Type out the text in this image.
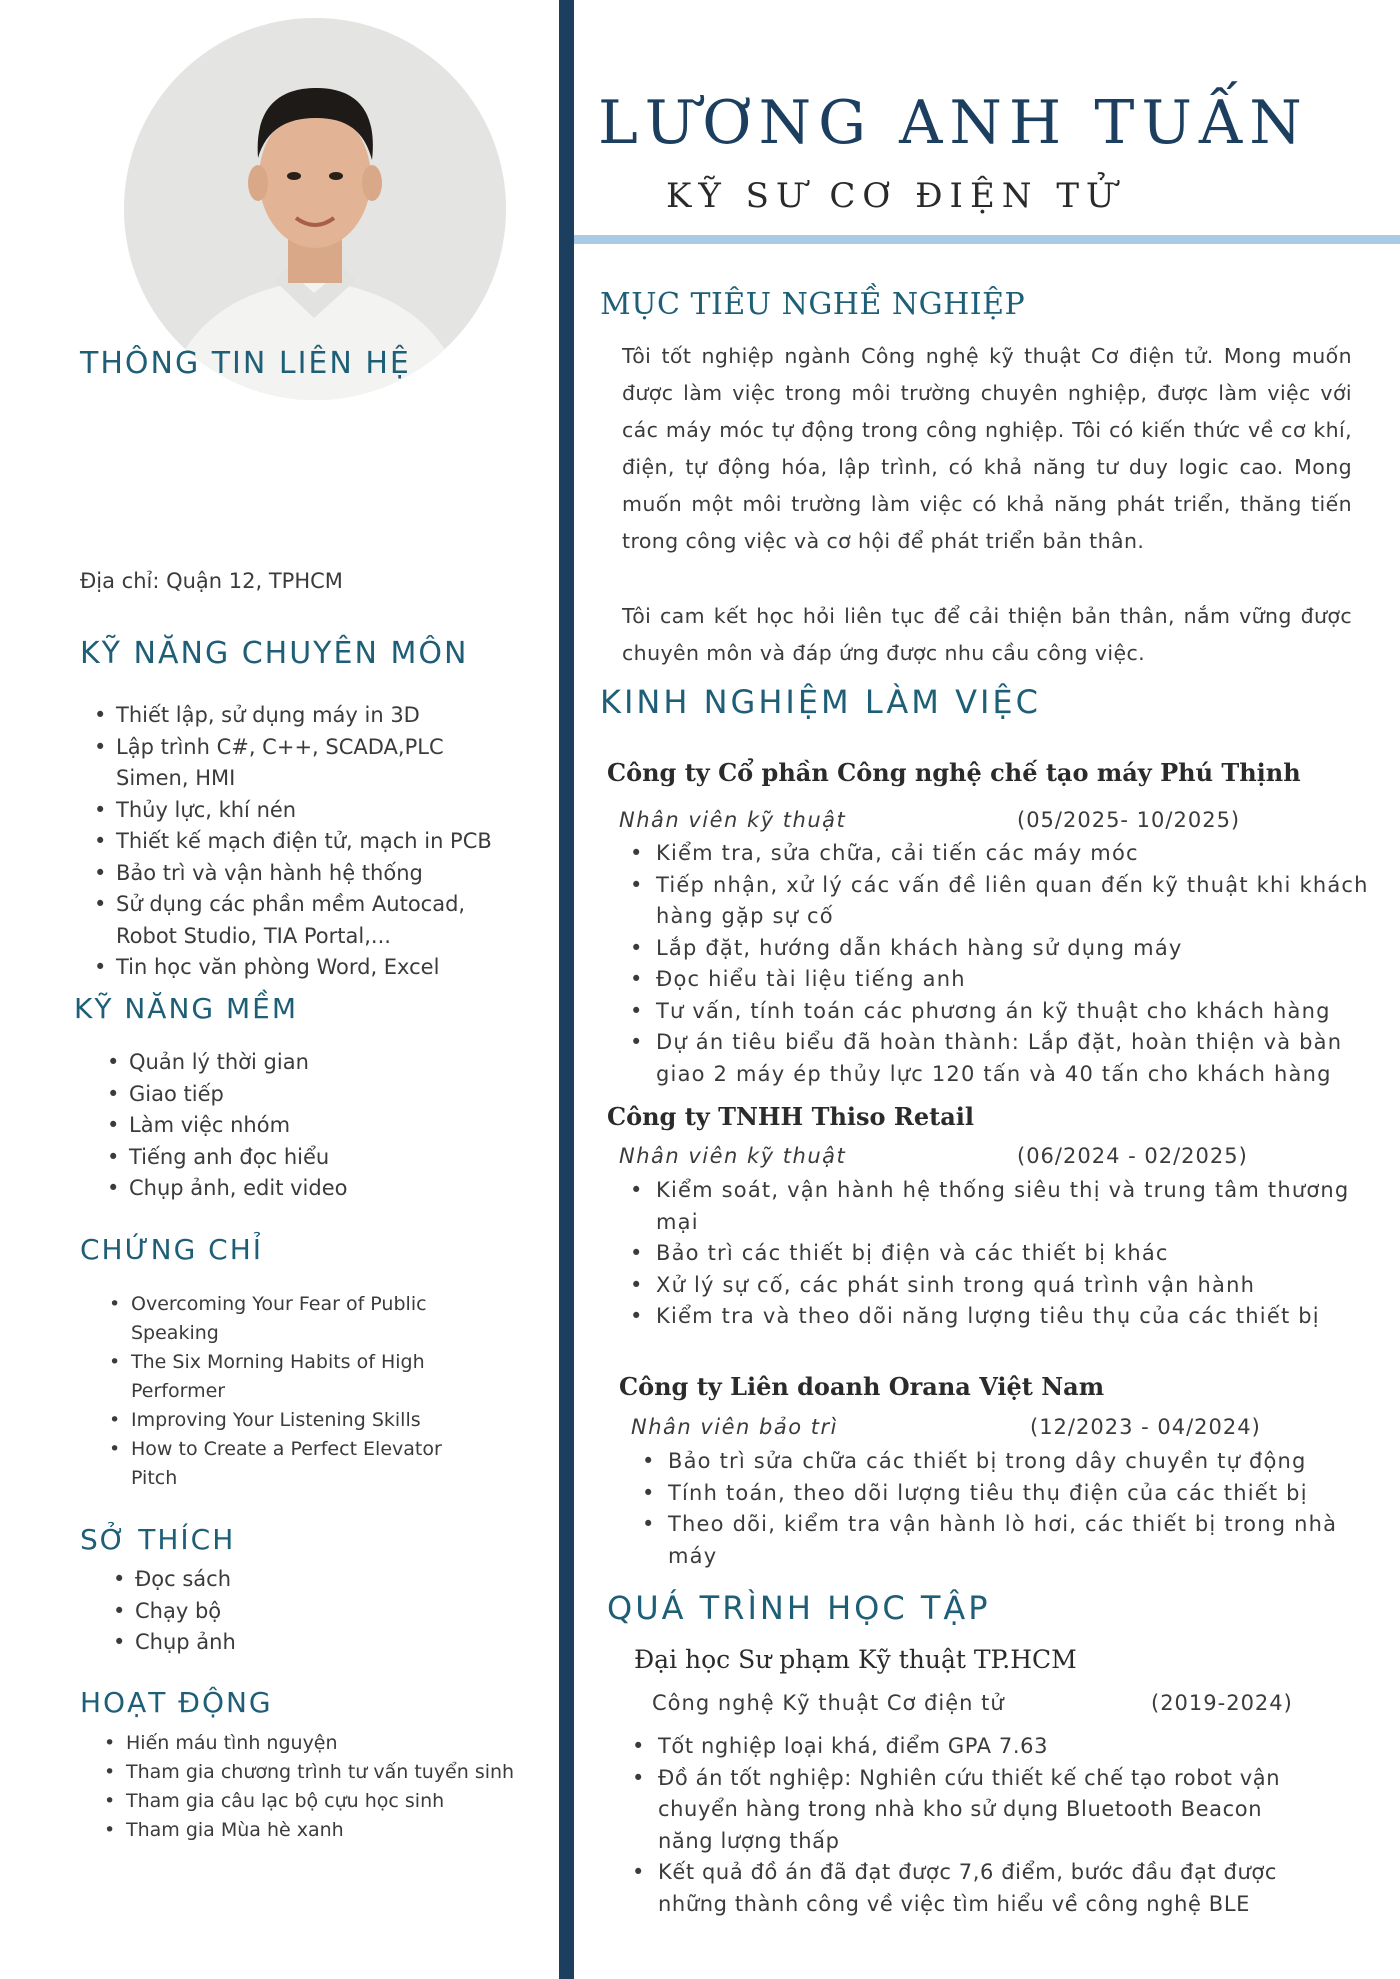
THÔNG TIN LIÊN HỆ
Địa chỉ: Quận 12, TPHCM
KỸ NĂNG CHUYÊN MÔN
• Thiết lập, sử dụng máy in 3D
• Lập trình C#, C++, SCADA,PLC Simen, HMI
• Thủy lực, khí nén
• Thiết kế mạch điện tử, mạch in PCB
• Bảo trì và vận hành hệ thống
• Sử dụng các phần mềm Autocad, Robot Studio, TIA Portal,...
• Tin học văn phòng Word, Excel
KỸ NĂNG MỀM
• Quản lý thời gian
• Giao tiếp
• Làm việc nhóm
• Tiếng anh đọc hiểu
• Chụp ảnh, edit video
CHỨNG CHỈ
• Overcoming Your Fear of Public Speaking
• The Six Morning Habits of High Performer
• Improving Your Listening Skills
• How to Create a Perfect Elevator Pitch
SỞ THÍCH
• Đọc sách
• Chạy bộ
• Chụp ảnh
HOẠT ĐỘNG
• Hiến máu tình nguyện
• Tham gia chương trình tư vấn tuyển sinh
• Tham gia câu lạc bộ cựu học sinh
• Tham gia Mùa hè xanh
LƯƠNG ANH TUẤN
KỸ SƯ CƠ ĐIỆN TỬ
MỤC TIÊU NGHỀ NGHIỆP

Tôi tốt nghiệp ngành Công nghệ kỹ thuật Cơ điện tử. Mong muốn được làm việc trong môi trường chuyên nghiệp, được làm việc với các máy móc tự động trong công nghiệp. Tôi có kiến thức về cơ khí, điện, tự động hóa, lập trình, có khả năng tư duy logic cao. Mong muốn một môi trường làm việc có khả năng phát triển, thăng tiến trong công việc và cơ hội để phát triển bản thân.

Tôi cam kết học hỏi liên tục để cải thiện bản thân, nắm vững được chuyên môn và đáp ứng được nhu cầu công việc.

KINH NGHIỆM LÀM VIỆC
Công ty Cổ phần Công nghệ chế tạo máy Phú Thịnh
Nhân viên kỹ thuật	(05/2025- 10/2025)
• Kiểm tra, sửa chữa, cải tiến các máy móc
• Tiếp nhận, xử lý các vấn đề liên quan đến kỹ thuật khi khách hàng gặp sự cố
• Lắp đặt, hướng dẫn khách hàng sử dụng máy
• Đọc hiểu tài liệu tiếng anh
• Tư vấn, tính toán các phương án kỹ thuật cho khách hàng
• Dự án tiêu biểu đã hoàn thành: Lắp đặt, hoàn thiện và bàn giao 2 máy ép thủy lực 120 tấn và 40 tấn cho khách hàng
Công ty TNHH Thiso Retail
Nhân viên kỹ thuật	(06/2024 - 02/2025)
• Kiểm soát, vận hành hệ thống siêu thị và trung tâm thương mại
• Bảo trì các thiết bị điện và các thiết bị khác
• Xử lý sự cố, các phát sinh trong quá trình vận hành
• Kiểm tra và theo dõi năng lượng tiêu thụ của các thiết bị
Công ty Liên doanh Orana Việt Nam
Nhân viên bảo trì	(12/2023 - 04/2024)
• Bảo trì sửa chữa các thiết bị trong dây chuyền tự động
• Tính toán, theo dõi lượng tiêu thụ điện của các thiết bị
• Theo dõi, kiểm tra vận hành lò hơi, các thiết bị trong nhà máy
QUÁ TRÌNH HỌC TẬP
Đại học Sư phạm Kỹ thuật TP.HCM
Công nghệ Kỹ thuật Cơ điện tử	(2019-2024)
• Tốt nghiệp loại khá, điểm GPA 7.63
• Đồ án tốt nghiệp: Nghiên cứu thiết kế chế tạo robot vận chuyển hàng trong nhà kho sử dụng Bluetooth Beacon năng lượng thấp
• Kết quả đồ án đã đạt được 7,6 điểm, bước đầu đạt được những thành công về việc tìm hiểu về công nghệ BLE
